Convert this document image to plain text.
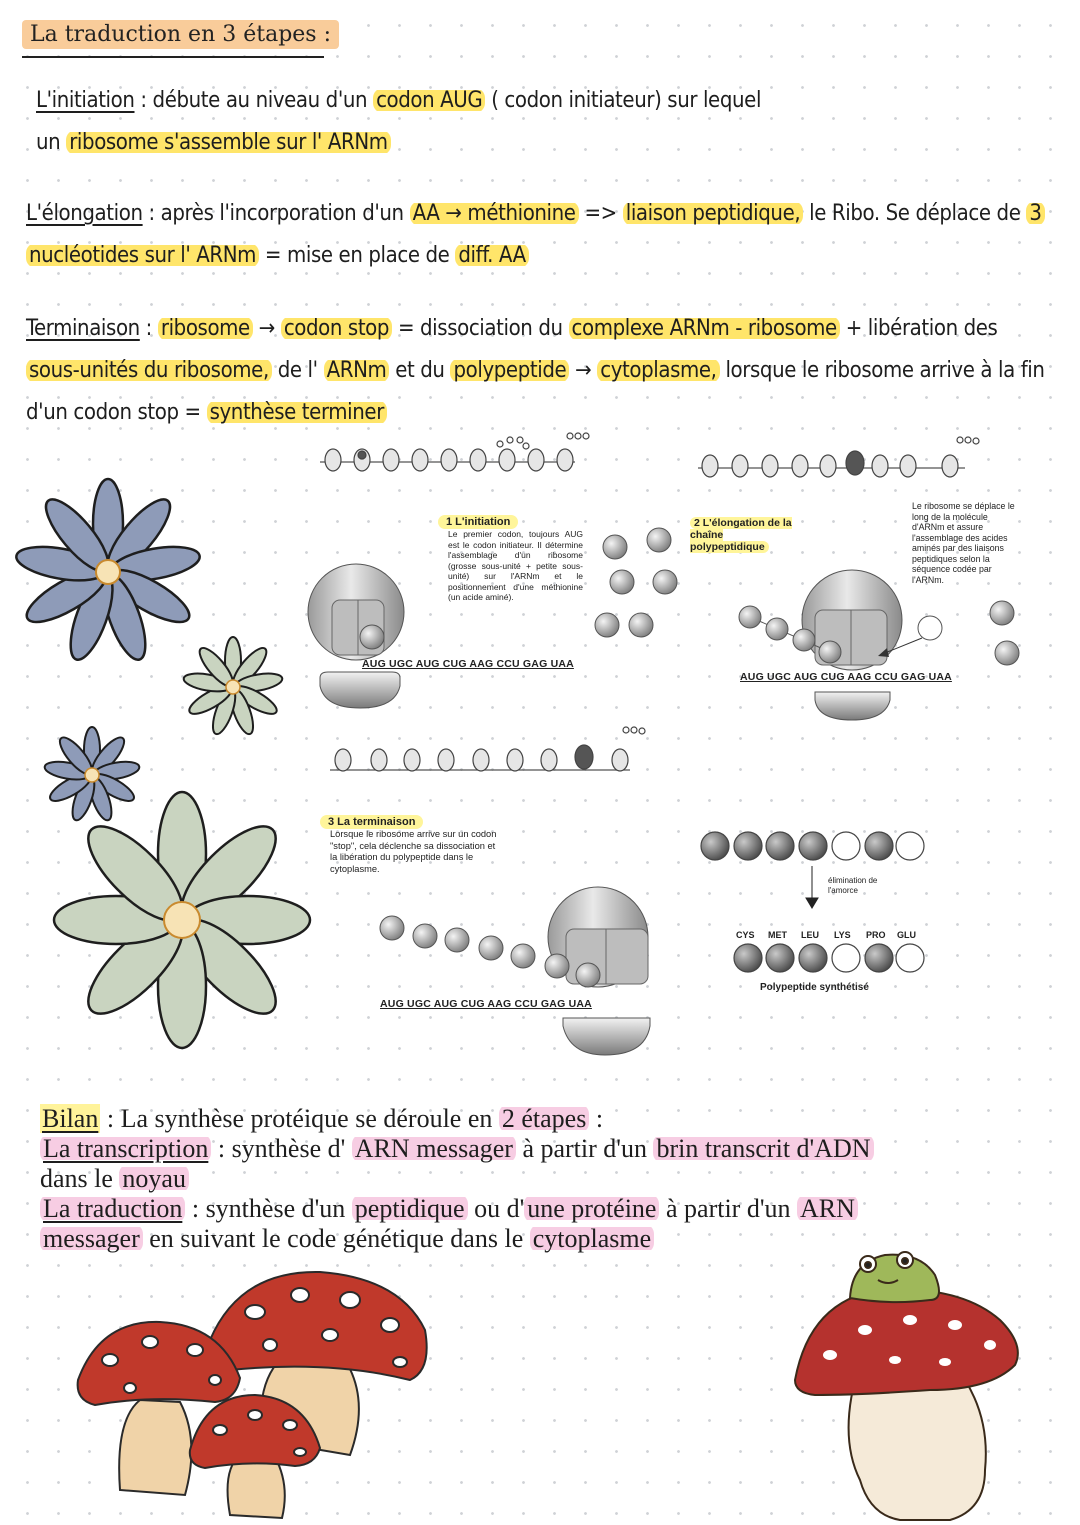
La traduction en 3 étapes :
L'initiation : débute au niveau d'un codon AUG ( codon initiateur) sur lequel
un ribosome s'assemble sur l' ARNm
L'élongation : après l'incorporation d'un AA → méthionine => liaison peptidique, le Ribo. Se déplace de 3
nucléotides sur l' ARNm = mise en place de diff. AA
Terminaison : ribosome → codon stop = dissociation du complexe ARNm - ribosome + libération des
sous-unités du ribosome, de l' ARNm et du polypeptide → cytoplasme, lorsque le ribosome arrive à la fin
d'un codon stop = synthèse terminer
1 L'initiation
Le premier codon, toujours AUG est le codon initiateur. Il détermine l'assemblage d'un ribosome (grosse sous-unité + petite sous-unité) sur l'ARNm et le positionnement d'une méthionine (un acide aminé).
AUG UGC AUG CUG AAG CCU GAG UAA
2 L'élongation de la chaîne polypeptidique
Le ribosome se déplace le long de la molécule d'ARNm et assure l'assemblage des acides aminés par des liaisons peptidiques selon la séquence codée par l'ARNm.
AUG UGC AUG CUG AAG CCU GAG UAA
3 La terminaison
Lorsque le ribosome arrive sur un codon "stop", cela déclenche sa dissociation et la libération du polypeptide dans le cytoplasme.
AUG UGC AUG CUG AAG CCU GAG UAA
élimination de l'amorce
CYS MET LEU LYS PRO GLU
Polypeptide synthétisé
Bilan : La synthèse protéique se déroule en 2 étapes :
La transcription : synthèse d' ARN messager à partir d'un brin transcrit d'ADN
dans le noyau
La traduction : synthèse d'un peptidique ou d' une protéine à partir d'un ARN
messager en suivant le code génétique dans le cytoplasme
